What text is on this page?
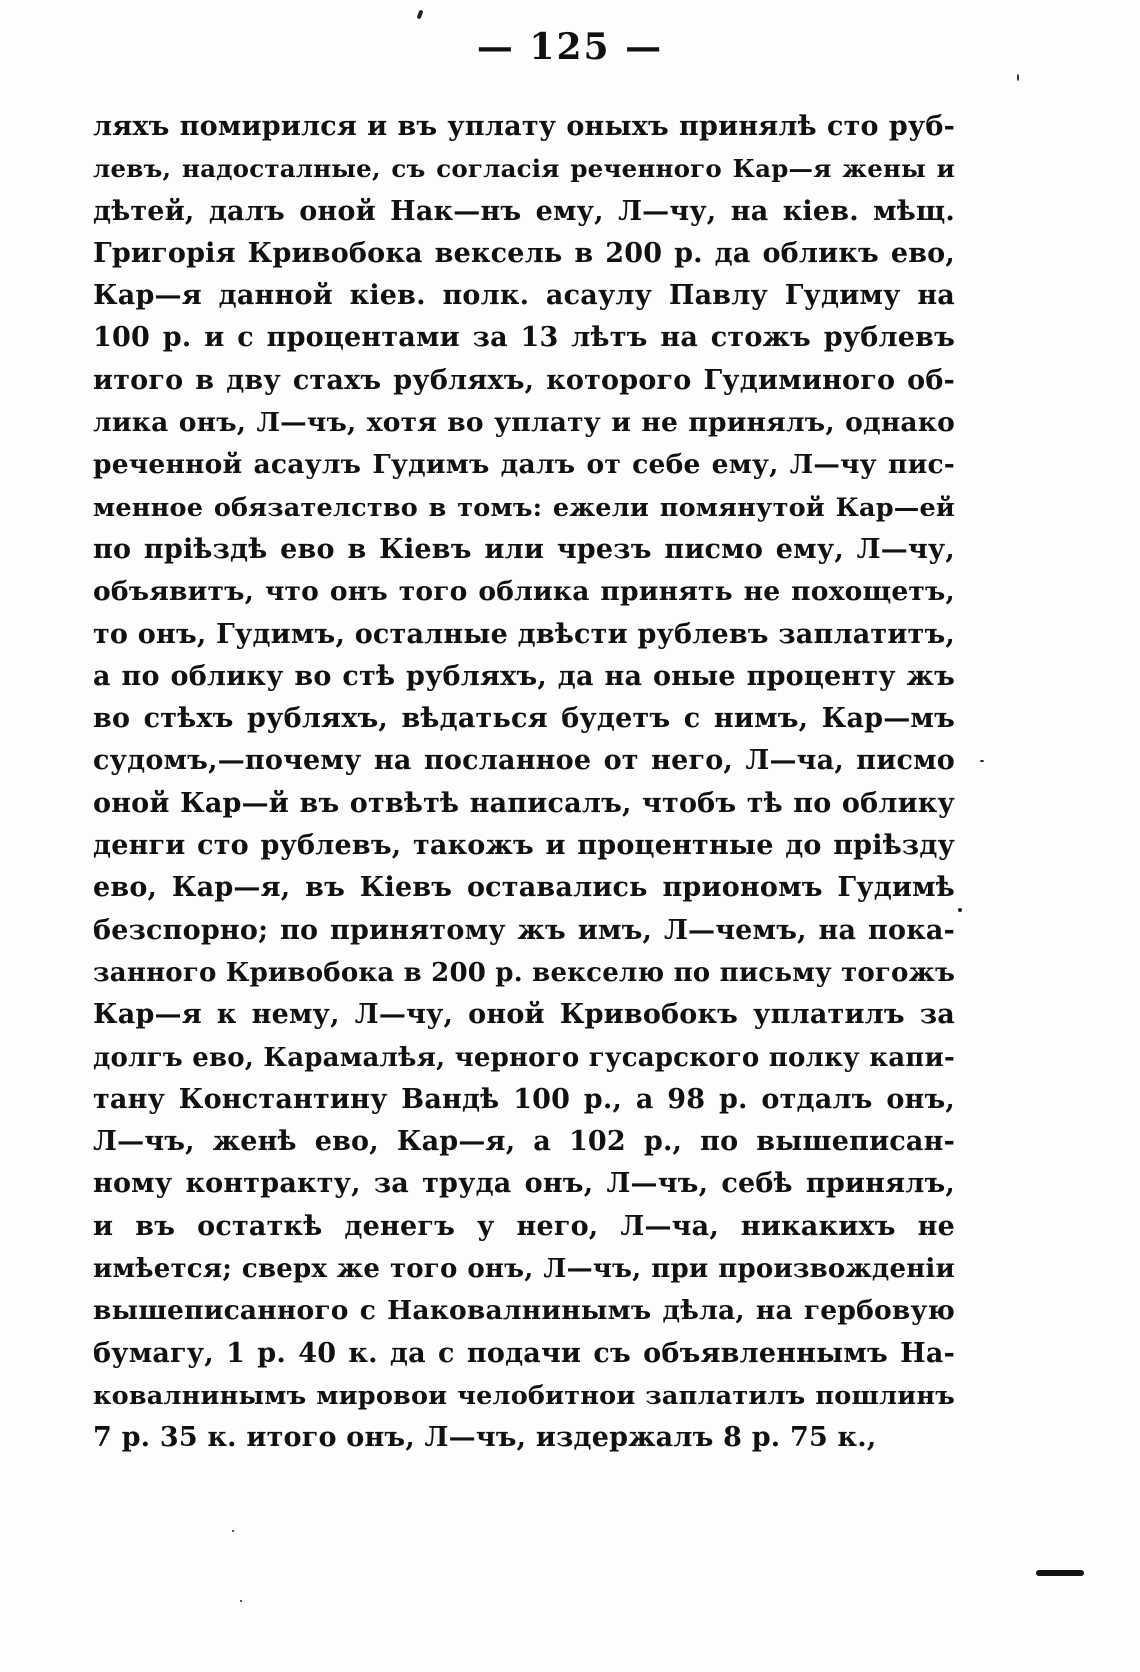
— 125 —
ляхъ помирился и въ уплату оныхъ принялѣ сто руб-
левъ, надосталные, съ согласія реченного Кар—я жены и
дѣтей, далъ оной Нак—нъ ему, Л—чу, на кіев. мѣщ.
Григорія Кривобока вексель в 200 р. да обликъ ево,
Кар—я данной кіев. полк. асаулу Павлу Гудиму на
100 р. и с процентами за 13 лѣтъ на стожъ рублевъ
итого в дву стахъ рубляхъ, которого Гудиминого об-
лика онъ, Л—чъ, хотя во уплату и не принялъ, однако
реченной асаулъ Гудимъ далъ от себе ему, Л—чу пис-
менное обязателство в томъ: ежели помянутой Кар—ей
по пріѣздѣ ево в Кіевъ или чрезъ писмо ему, Л—чу,
объявитъ, что онъ того облика принять не похощетъ,
то онъ, Гудимъ, осталные двѣсти рублевъ заплатитъ,
а по облику во стѣ рубляхъ, да на оные проценту жъ
во стѣхъ рубляхъ, вѣдаться будетъ с нимъ, Кар—мъ
судомъ,—почему на посланное от него, Л—ча, писмо
оной Кар—й въ отвѣтѣ написалъ, чтобъ тѣ по облику
денги сто рублевъ, такожъ и процентные до пріѣзду
ево, Кар—я, въ Кіевъ оставались приономъ Гудимѣ
безспорно; по принятому жъ имъ, Л—чемъ, на пока-
занного Кривобока в 200 р. векселю по письму тогожъ
Кар—я к нему, Л—чу, оной Кривобокъ уплатилъ за
долгъ ево, Карамалѣя, черного гусарского полку капи-
тану Константину Вандѣ 100 р., а 98 р. отдалъ онъ,
Л—чъ, женѣ ево, Кар—я, а 102 р., по вышеписан-
ному контракту, за труда онъ, Л—чъ, себѣ принялъ,
и въ остаткѣ денегъ у него, Л—ча, никакихъ не
имѣется; сверх же того онъ, Л—чъ, при произвожденіи
вышеписанного с Наковалнинымъ дѣла, на гербовую
бумагу, 1 р. 40 к. да с подачи съ объявленнымъ На-
ковалнинымъ мировои челобитнои заплатилъ пошлинъ
7 р. 35 к. итого онъ, Л—чъ, издержалъ 8 р. 75 к.,
